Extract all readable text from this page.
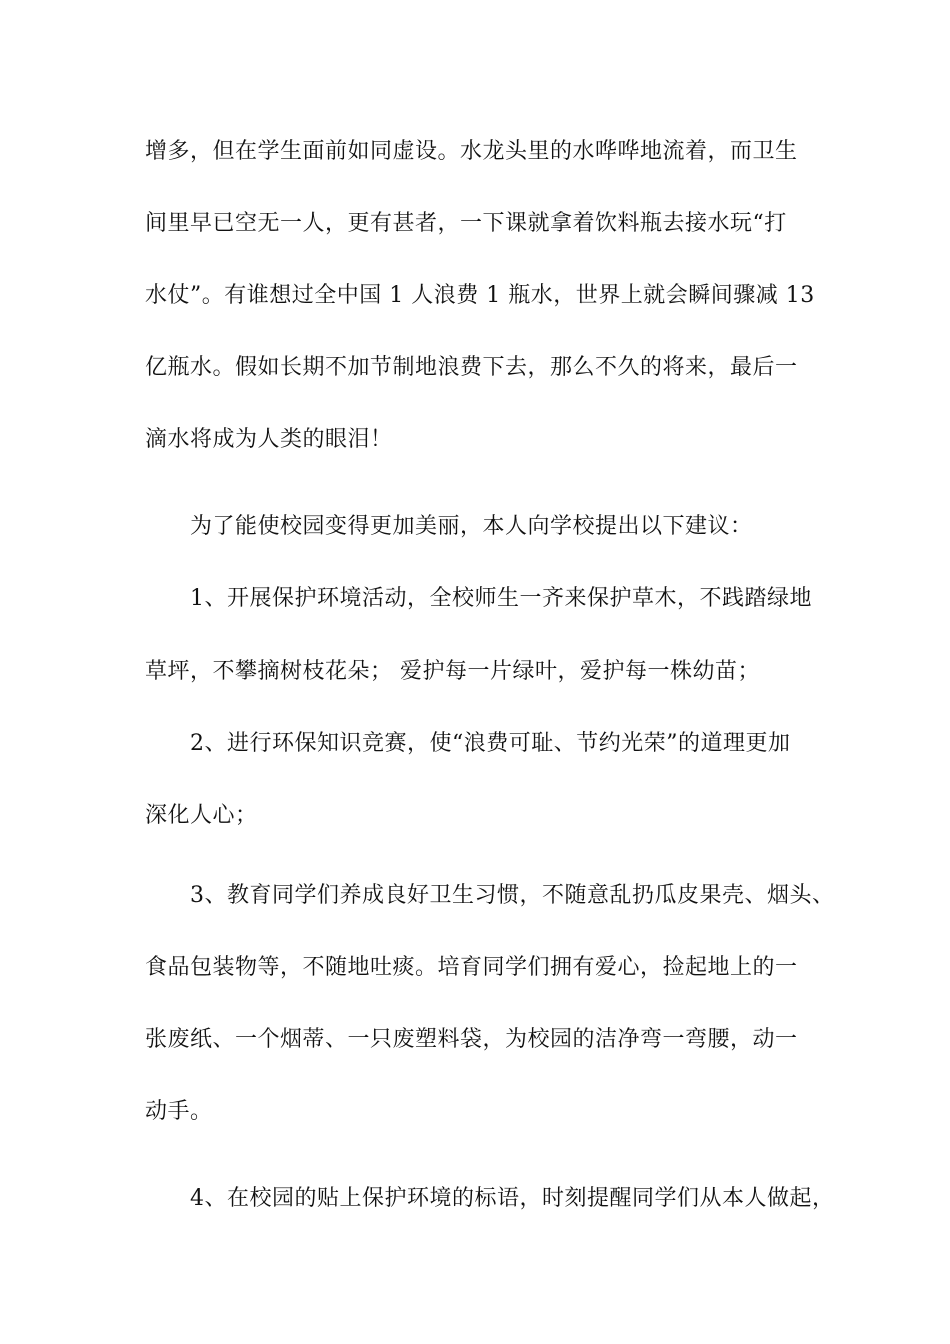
增多，但在学生面前如同虚设。水龙头里的水哗哗地流着，而卫生
间里早已空无一人，更有甚者，一下课就拿着饮料瓶去接水玩“打
水仗”。有谁想过全中国 1 人浪费 1 瓶水，世界上就会瞬间骤减 13
亿瓶水。假如长期不加节制地浪费下去，那么不久的将来，最后一
滴水将成为人类的眼泪！
为了能使校园变得更加美丽，本人向学校提出以下建议：
1、开展保护环境活动，全校师生一齐来保护草木，不践踏绿地
草坪，不攀摘树枝花朵； 爱护每一片绿叶，爱护每一株幼苗；
2、进行环保知识竞赛，使“浪费可耻、节约光荣”的道理更加
深化人心；
3、教育同学们养成良好卫生习惯，不随意乱扔瓜皮果壳、烟头、
食品包装物等，不随地吐痰。培育同学们拥有爱心，捡起地上的一
张废纸、一个烟蒂、一只废塑料袋，为校园的洁净弯一弯腰，动一
动手。
4、在校园的贴上保护环境的标语，时刻提醒同学们从本人做起，
